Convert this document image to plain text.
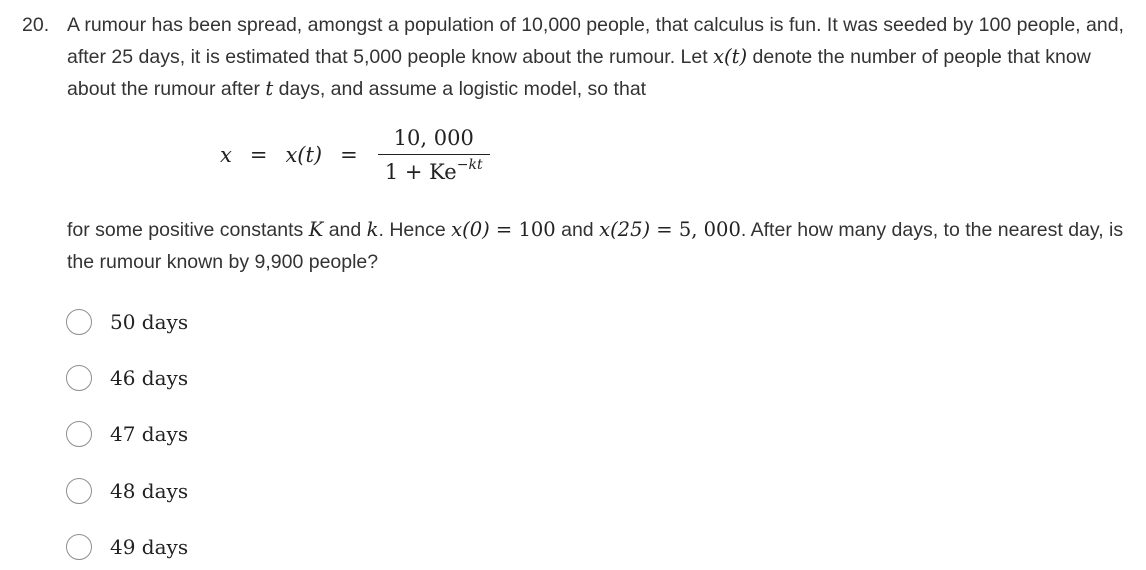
20. A rumour has been spread, amongst a population of 10,000 people, that calculus is fun. It was seeded by 100 people, and, after 25 days, it is estimated that 5,000 people know about the rumour. Let x(t) denote the number of people that know about the rumour after t days, and assume a logistic model, so that
$x = x(t) = \frac{10, 000}{1 + Ke^{-kt}}$
for some positive constants K and k. Hence x(0) = 100 and x(25) = 5, 000. After how many days, to the nearest day, is the rumour known by 9,900 people?
50 days
46 days
47 days
48 days
49 days
